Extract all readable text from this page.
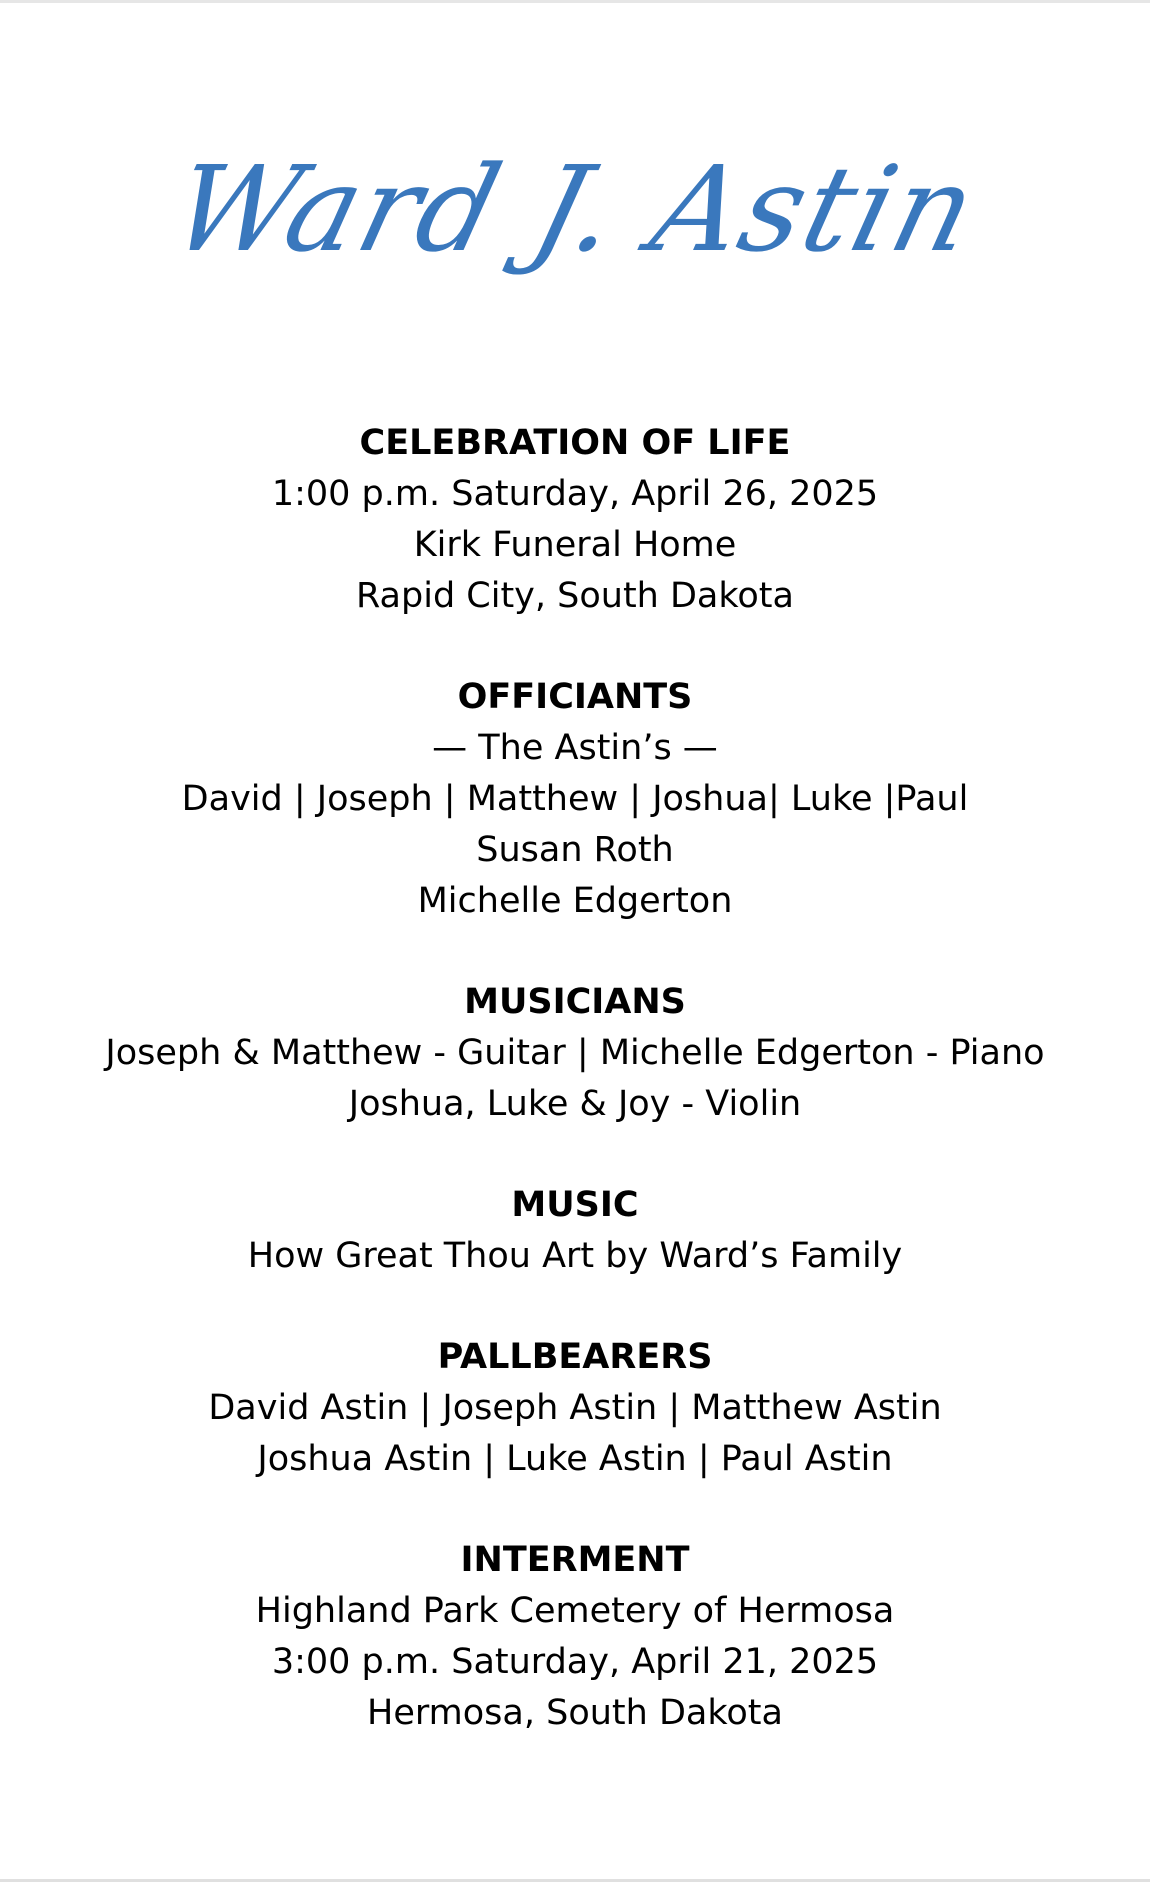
Ward J. Astin
CELEBRATION OF LIFE
1:00 p.m. Saturday, April 26, 2025
Kirk Funeral Home
Rapid City, South Dakota
OFFICIANTS
— The Astin’s —
David | Joseph | Matthew | Joshua| Luke |Paul
Susan Roth
Michelle Edgerton
MUSICIANS
Joseph & Matthew - Guitar | Michelle Edgerton - Piano
Joshua, Luke & Joy - Violin
MUSIC
How Great Thou Art by Ward’s Family
PALLBEARERS
David Astin | Joseph Astin | Matthew Astin
Joshua Astin | Luke Astin | Paul Astin
INTERMENT
Highland Park Cemetery of Hermosa
3:00 p.m. Saturday, April 21, 2025
Hermosa, South Dakota
